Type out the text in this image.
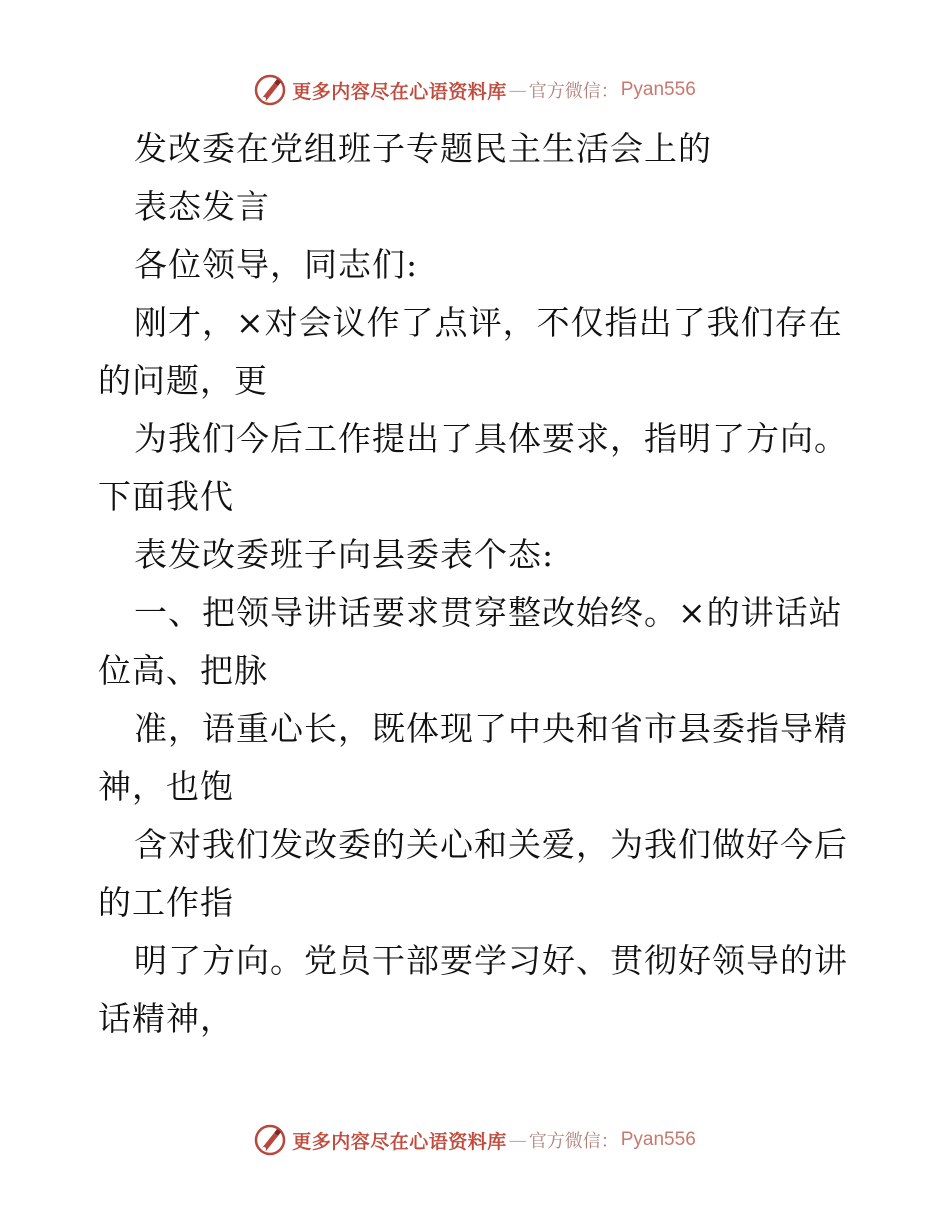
更多内容尽在心语资料库 — 官方微信： Pyan556
发改委在党组班子专题民主生活会上的
表态发言
各位领导，同志们:
刚才，×对会议作了点评，不仅指出了我们存在
的问题，更
为我们今后工作提出了具体要求，指明了方向。
下面我代
表发改委班子向县委表个态:
一、把领导讲话要求贯穿整改始终。×的讲话站
位高、把脉
准，语重心长，既体现了中央和省市县委指导精
神，也饱
含对我们发改委的关心和关爱，为我们做好今后
的工作指
明了方向。党员干部要学习好、贯彻好领导的讲
话精神，
更多内容尽在心语资料库 — 官方微信： Pyan556
